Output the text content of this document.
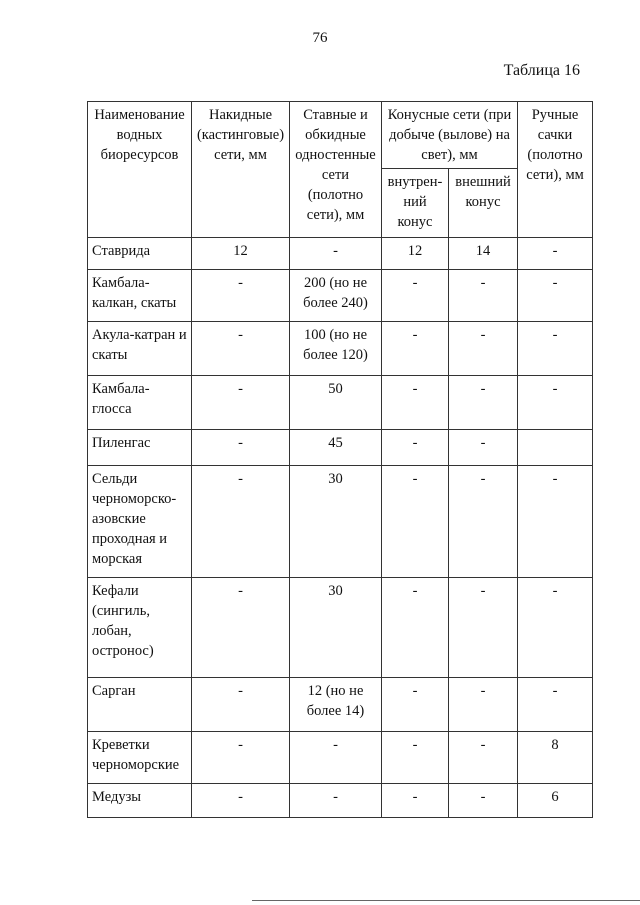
76
Таблица 16
Наименование водных биоресурсов	Накидные (кастинговые) сети, мм	Ставные и обкидные одностенные сети (полотно сети), мм	Конусные сети (при добыче (вылове) на свет), мм		Ручные сачки (полотно сети), мм
			внутрен-ний конус	внешний конус	
Ставрида	12	-	12	14	-
Камбала-калкан, скаты	-	200 (но не более 240)	-	-	-
Акула-катран и скаты	-	100 (но не более 120)	-	-	-
Камбала-глосса	-	50	-	-	-
Пиленгас	-	45	-	-	
Сельди черноморско-азовские проходная и морская	-	30	-	-	-
Кефали (сингиль, лобан, остронос)	-	30	-	-	-
Сарган	-	12 (но не более 14)	-	-	-
Креветки черноморские	-	-	-	-	8
Медузы	-	-	-	-	6
